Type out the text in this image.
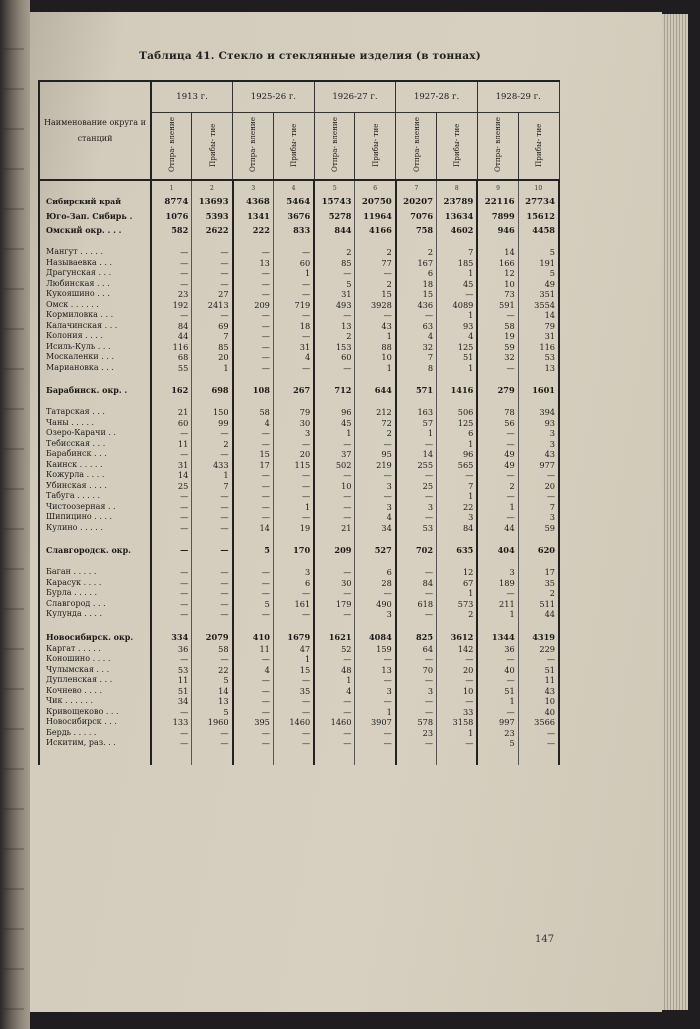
Таблица 41. Стекло и стеклянные изделия (в тоннах)
Наименование округа и станций	1913 г.		1925-26 г.		1926-27 г.		1927-28 г.		1928-29 г.	
	Отпра- вление	Прибы- тие	Отпра- вление	Прибы- тие	Отпра- вление	Прибы- тие	Отпра- вление	Прибы- тие	Отпра- вление	Прибы- тие
	1	2	3	4	5	6	7	8	9	10
Сибирский край	8774	13693	4368	5464	15743	20750	20207	23789	22116	27734
Юго-Зап. Сибирь .	1076	5393	1341	3676	5278	11964	7076	13634	7899	15612
Омский окр. . . .	582	2622	222	833	844	4166	758	4602	946	4458

Мангут . . . . .	—	—	—	—	2	2	2	7	14	5
Называевка . . .	—	—	13	60	85	77	167	185	166	191
Драгунская . . .	—	—	—	1	—	—	6	1	12	5
Любинская . . .	—	—	—	—	5	2	18	45	10	49
Кукояшино . . .	23	27	—	—	31	15	15	—	73	351
Омск . . . . . .	192	2413	209	719	493	3928	436	4089	591	3554
Кормиловка . . .	—	—	—	—	—	—	—	1	—	14
Калачинская . . .	84	69	—	18	13	43	63	93	58	79
Колония . . . .	44	7	—	—	2	1	4	4	19	31
Исиль-Куль . . .	116	85	—	31	153	88	32	125	59	116
Москаленки . . .	68	20	—	4	60	10	7	51	32	53
Мариановка . . .	55	1	—	—	—	1	8	1	—	13

Барабинск. окр. .	162	698	108	267	712	644	571	1416	279	1601

Татарская . . .	21	150	58	79	96	212	163	506	78	394
Чаны . . . . .	60	99	4	30	45	72	57	125	56	93
Озеро-Карачи . .	—	—	—	3	1	2	1	6	—	3
Тебисская . . .	11	2	—	—	—	—	—	1	—	3
Барабинск . . .	—	—	15	20	37	95	14	96	49	43
Каинск . . . . .	31	433	17	115	502	219	255	565	49	977
Кожурла . . . .	14	1	—	—	—	—	—	—	—	—
Убинская . . . .	25	7	—	—	10	3	25	7	2	20
Табуга . . . . .	—	—	—	—	—	—	—	1	—	—
Чистоозерная . .	—	—	—	1	—	3	3	22	1	7
Шипицино . . . .	—	—	—	—	—	4	—	3	—	3
Кулино . . . . .	—	—	14	19	21	34	53	84	44	59

Славгородск. окр.	—	—	5	170	209	527	702	635	404	620

Баган . . . . .	—	—	—	3	—	6	—	12	3	17
Карасук . . . .	—	—	—	6	30	28	84	67	189	35
Бурла . . . . .	—	—	—	—	—	—	—	1	—	2
Славгород . . .	—	—	5	161	179	490	618	573	211	511
Кулунда . . . .	—	—	—	—	—	3	—	2	1	44

Новосибирск. окр.	334	2079	410	1679	1621	4084	825	3612	1344	4319
Каргат . . . . .	36	58	11	47	52	159	64	142	36	229
Коношино . . . .	—	—	—	1	—	—	—	—	—	—
Чулымская . . .	53	22	4	15	48	13	70	20	40	51
Дупленская . . .	11	5	—	—	1	—	—	—	—	11
Кочнево . . . .	51	14	—	35	4	3	3	10	51	43
Чик . . . . . .	34	13	—	—	—	—	—	—	1	10
Кривощеково . . .	—	5	—	—	—	1	—	33	—	40
Новосибирск . . .	133	1960	395	1460	1460	3907	578	3158	997	3566
Бердь . . . . .	—	—	—	—	—	—	23	1	23	—
Искитим, раз. . .	—	—	—	—	—	—	—	—	5	—

147
